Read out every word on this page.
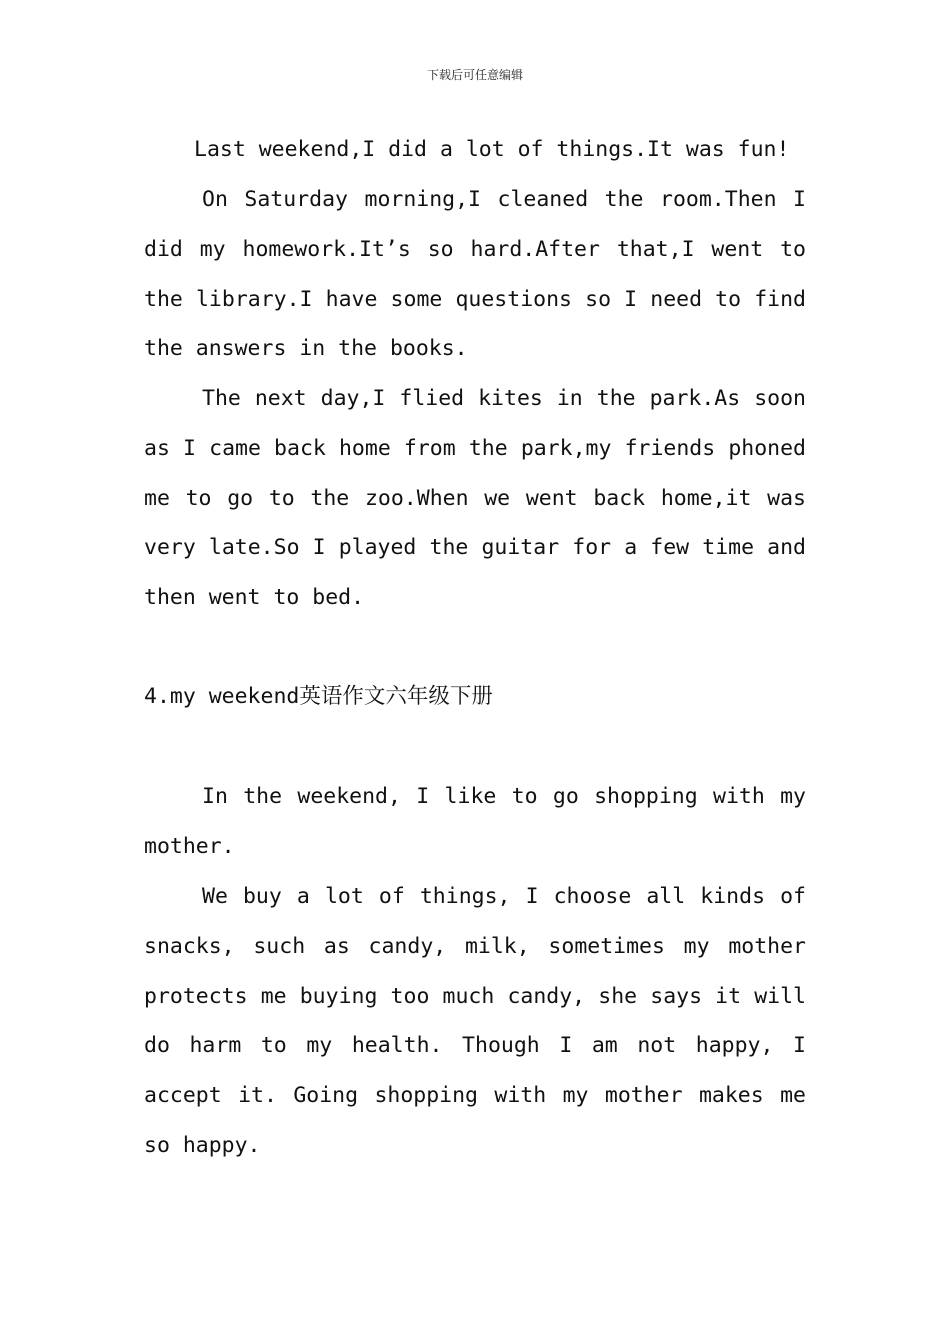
下载后可任意编辑

Last weekend,I did a lot of things.It was fun!

On Saturday morning,I cleaned the room.Then I did my homework.It’s so hard.After that,I went to the library.I have some questions so I need to find the answers in the books.

The next day,I flied kites in the park.As soon as I came back home from the park,my friends phoned me to go to the zoo.When we went back home,it was very late.So I played the guitar for a few time and then went to bed.

4.my weekend英语作文六年级下册

In the weekend, I like to go shopping with my mother.

We buy a lot of things, I choose all kinds of snacks, such as candy, milk, sometimes my mother protects me buying too much candy, she says it will do harm to my health. Though I am not happy, I accept it. Going shopping with my mother makes me so happy.
